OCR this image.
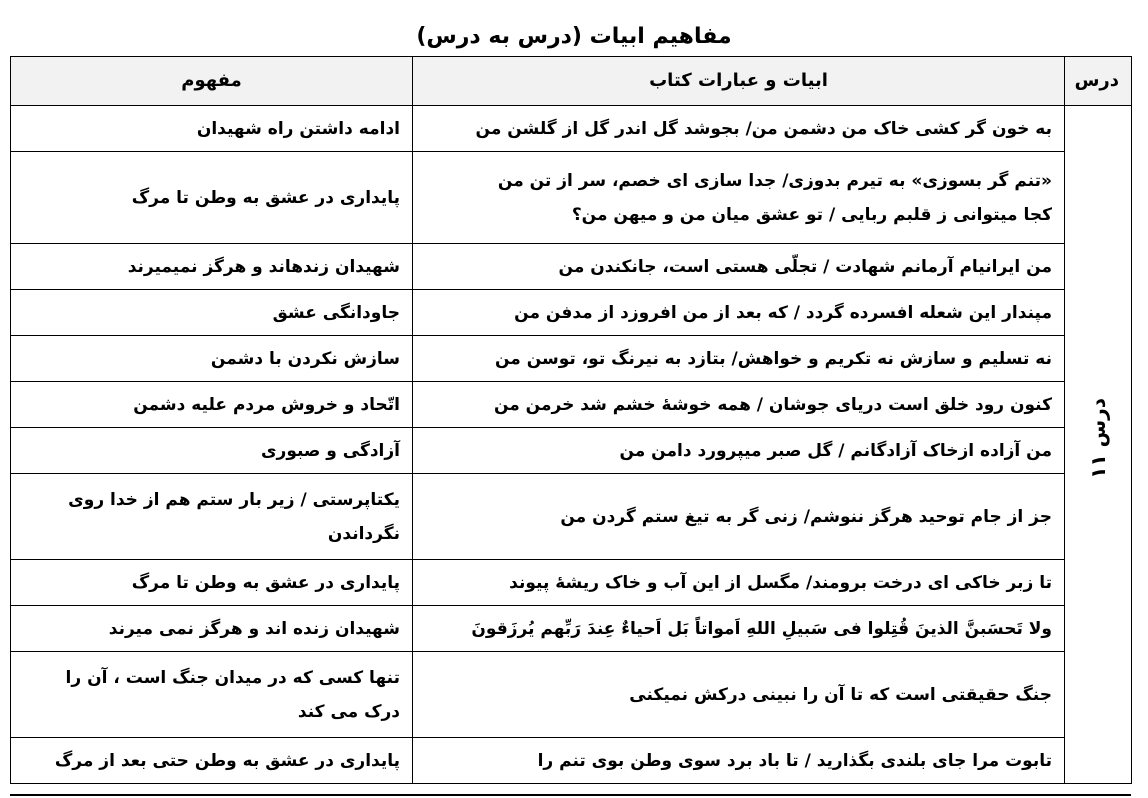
مفاهیم ابیات (درس به درس)
درس	ابیات و عبارات کتاب	مفهوم
درس ۱۱	به خون گر کشی خاک من دشمن من/ بجوشد گل اندر گل از گلشن من	ادامه داشتن راه شهیدان

	«تنم گر بسوزی» به تیرم بدوزی/ جدا سازی ای خصم، سر از تن من
کجا میتوانی ز قلبم ربایی / تو عشق میان من و میهن من؟	پایداری در عشق به وطن تا مرگ

	من ایرانیام آرمانم شهادت / تجلّی هستی است، جانکندن من	شهیدان زندهاند و هرگز نمیمیرند

	مپندار این شعله افسرده گردد / که بعد از من افروزد از مدفن من	جاودانگی عشق

	نه تسلیم و سازش نه تکریم و خواهش/ بتازد به نیرنگ تو، توسن من	سازش نکردن با دشمن

	کنون رود خلق است دریای جوشان / همه خوشۀ خشم شد خرمن من	اتّحاد و خروش مردم علیه دشمن

	من آزاده ازخاک آزادگانم / گل صبر میپرورد دامن من	آزادگی و صبوری

	جز از جام توحید هرگز ننوشم/ زنی گر به تیغ ستم گردن من	یکتاپرستی / زیر بار ستم هم از خدا روی
نگرداندن

	تا زبر خاکی ای درخت برومند/ مگسل از این آب و خاک ریشۀ پیوند	پایداری در عشق به وطن تا مرگ

	ولا تَحسَبنَّ الذینَ قُتِلوا فی سَبیلِ اللهِ اَمواتاً بَل اَحیاءٌ عِندَ رَبِّهم یُرزَقونَ	شهیدان زنده اند و هرگز نمی میرند

	جنگ حقیقتی است که تا آن را نبینی درکش نمیکنی	تنها کسی که در میدان جنگ است ، آن را
درک می کند

	تابوت مرا جای بلندی بگذارید / تا باد برد سوی وطن بوی تنم را	پایداری در عشق به وطن حتی بعد از مرگ
